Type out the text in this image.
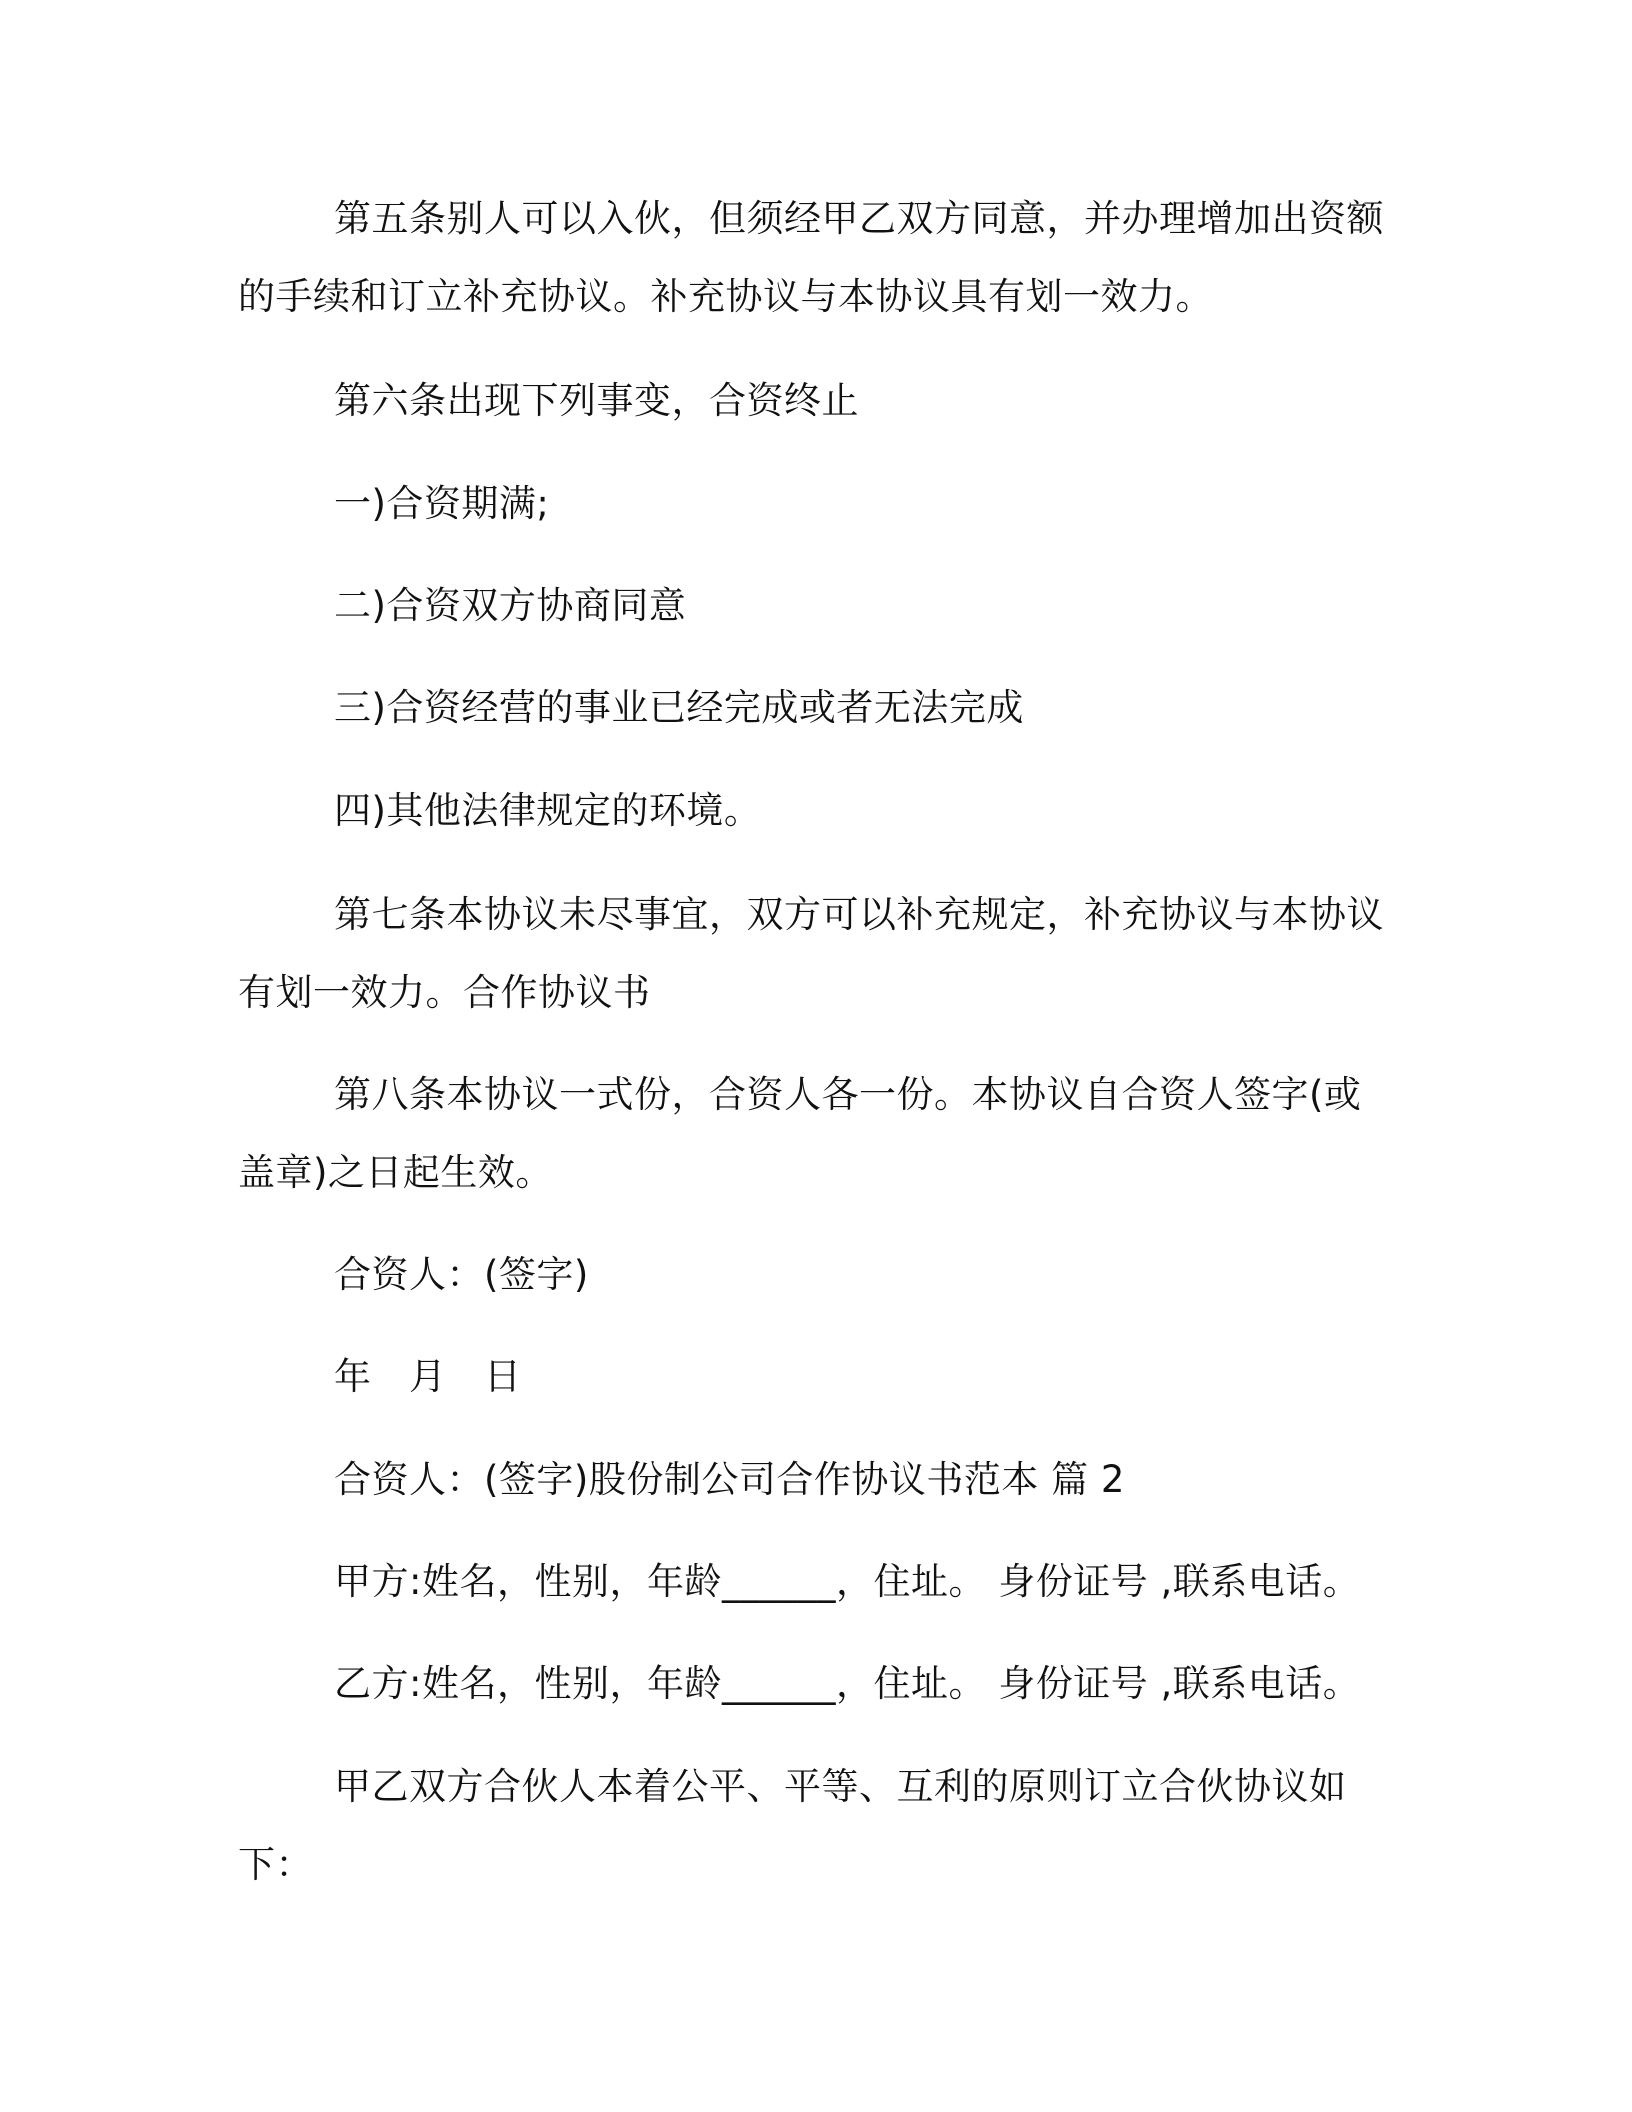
第五条别人可以入伙，但须经甲乙双方同意，并办理增加出资额的手续和订立补充协议。补充协议与本协议具有划一效力。

第六条出现下列事变，合资终止

一)合资期满;

二)合资双方协商同意

三)合资经营的事业已经完成或者无法完成

四)其他法律规定的环境。

第七条本协议未尽事宜，双方可以补充规定，补充协议与本协议有划一效力。合作协议书

第八条本协议一式份，合资人各一份。本协议自合资人签字(或盖章)之日起生效。

合资人：(签字)

年　月　日

合资人：(签字)股份制公司合作协议书范本 篇 2

甲方:姓名，性别，年龄______，住址。 身份证号 ,联系电话。

乙方:姓名，性别，年龄______，住址。 身份证号 ,联系电话。

甲乙双方合伙人本着公平、平等、互利的原则订立合伙协议如下：
